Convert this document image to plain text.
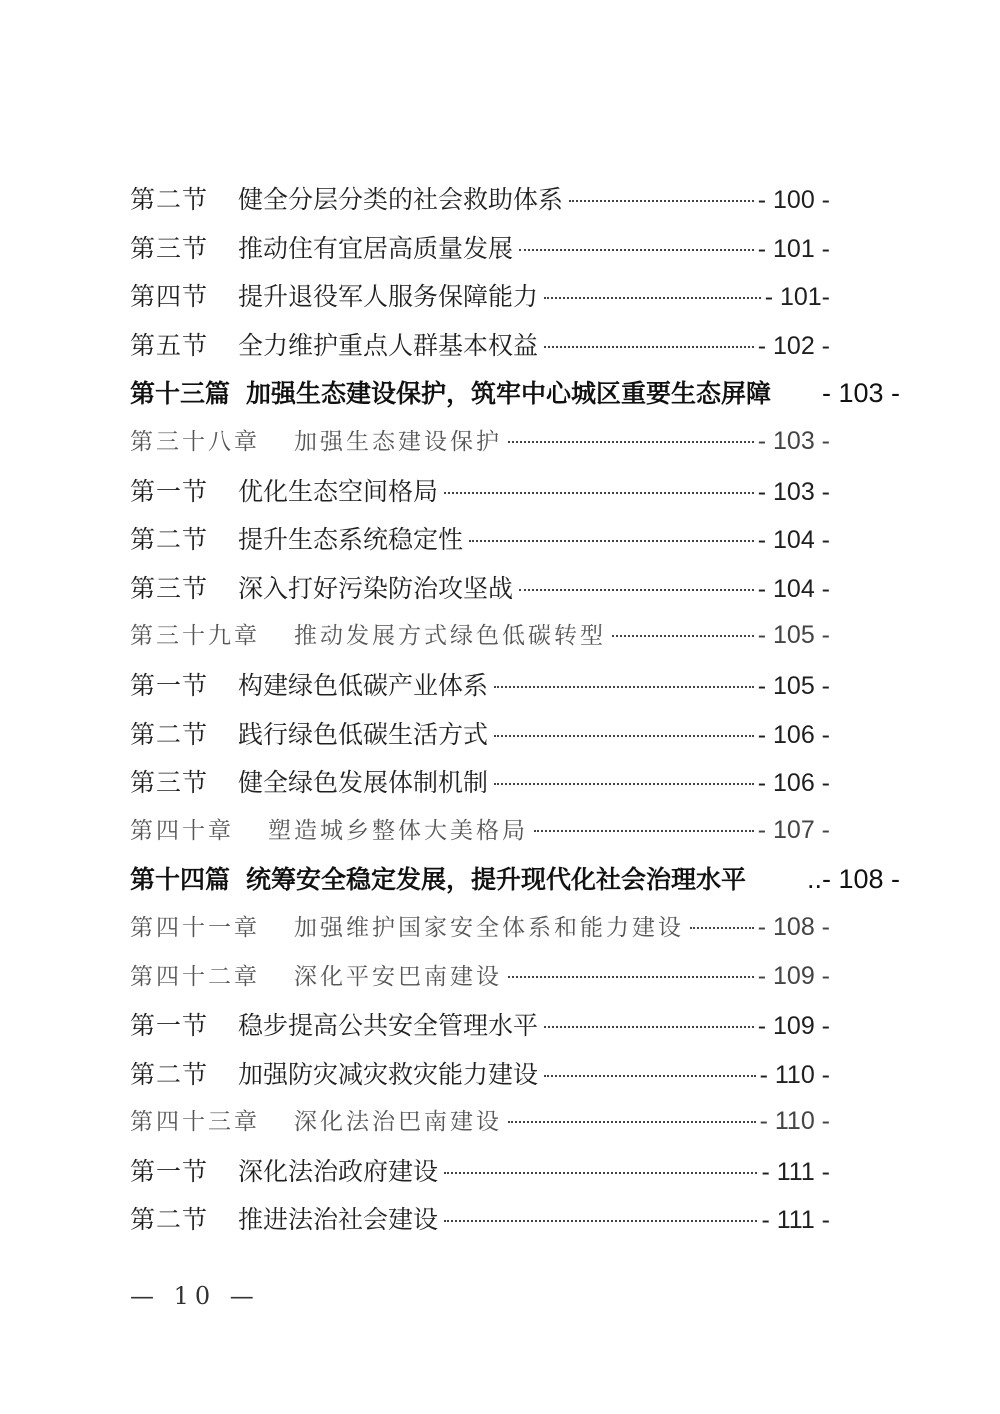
第二节 健全分层分类的社会救助体系	- 100 -
第三节 推动住有宜居高质量发展	- 101 -
第四节 提升退役军人服务保障能力	- 101-
第五节 全力维护重点人群基本权益	- 102 -
第十三篇 加强生态建设保护，筑牢中心城区重要生态屏障 - 103 -
第三十八章 加强生态建设保护	- 103 -
第一节 优化生态空间格局	- 103 -
第二节 提升生态系统稳定性	- 104 -
第三节 深入打好污染防治攻坚战	- 104 -
第三十九章 推动发展方式绿色低碳转型	- 105 -
第一节 构建绿色低碳产业体系	- 105 -
第二节 践行绿色低碳生活方式	- 106 -
第三节 健全绿色发展体制机制	- 106 -
第四十章 塑造城乡整体大美格局	- 107 -
第十四篇 统筹安全稳定发展，提升现代化社会治理水平 ..- 108 -
第四十一章 加强维护国家安全体系和能力建设	- 108 -
第四十二章 深化平安巴南建设	- 109 -
第一节 稳步提高公共安全管理水平	- 109 -
第二节 加强防灾减灾救灾能力建设	- 110 -
第四十三章 深化法治巴南建设	- 110 -
第一节 深化法治政府建设	- 111 -
第二节 推进法治社会建设	- 111 -
— 10 —
